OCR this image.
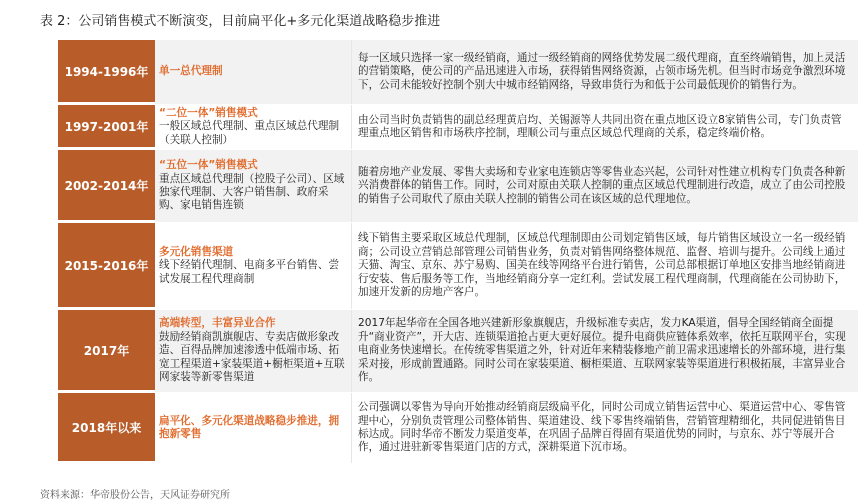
表 2：公司销售模式不断演变，目前扁平化+多元化渠道战略稳步推进
1994-1996年	单一总代理制
每一区域只选择一家一级经销商，通过一级经销商的网络优势发展二级代理商，直至终端销售，加上灵活的营销策略，使公司的产品迅速进入市场，获得销售网络资源，占领市场先机。但当时市场竞争激烈环境下，公司未能较好控制个别大中城市经销网络，导致串货行为和低于公司最低现价的销售行为。
1997-2001年
“二位一体”销售模式
一般区域总代理制、重点区域总代理制（关联人控制）
由公司当时负责销售的副总经理黄启均、关锡源等人共同出资在重点地区设立8家销售公司，专门负责管理重点地区销售和市场秩序控制，理顺公司与重点区域总代理商的关系，稳定终端价格。
2002-2014年
“五位一体”销售模式
重点区域总代理制（控股子公司）、区域独家代理制、大客户销售制、政府采购、家电销售连锁
随着房地产业发展、零售大卖场和专业家电连锁店等零售业态兴起，公司针对性建立机构专门负责各种新兴消费群体的销售工作。同时，公司对原由关联人控制的重点区域总代理制进行改造，成立了由公司控股的销售子公司取代了原由关联人控制的销售公司在该区域的总代理地位。
2015-2016年
多元化销售渠道
线下经销代理制、电商多平台销售、尝试发展工程代理商制
线下销售主要采取区域总代理制，区域总代理制即由公司划定销售区域，每片销售区域设立一名一级经销商；公司设立营销总部管理公司销售业务，负责对销售网络整体规范、监督、培训与提升。公司线上通过天猫、淘宝、京东、苏宁易购、国美在线等网络平台进行销售，公司总部根据订单地区安排当地经销商进行安装、售后服务等工作，当地经销商分享一定红利。尝试发展工程代理商制，代理商能在公司协助下，加速开发新的房地产客户。
2017年
高端转型，丰富异业合作
鼓励经销商凯旗舰店、专卖店做形象改造、百得品牌加速渗透中低端市场、拓宽工程渠道+家装渠道+橱柜渠道+互联网家装等新零售渠道
2017年起华帝在全国各地兴建新形象旗舰店，升级标准专卖店，发力KA渠道，倡导全国经销商全面提升“商业资产”，开大店、连锁渠道抢占更大更好展位。提升电商供应链体系效率，依托互联网平台，实现电商业务快速增长。在传统零售渠道之外，针对近年来精装修地产前卫需求迅速增长的外部环境，进行集采对接，形成前置通路。同时公司在家装渠道、橱柜渠道、互联网家装等渠道进行积极拓展，丰富异业合作。
2018年以来	扁平化、多元化渠道战略稳步推进，拥抱新零售
公司强调以零售为导向开始推动经销商层级扁平化，同时公司成立销售运营中心、渠道运营中心、零售管理中心，分别负责管理公司整体销售、渠道建设、线下零售终端销售，营销管理精细化，共同促进销售目标达成。同时华帝不断发力渠道变革，在巩固子品牌百得固有渠道优势的同时，与京东、苏宁等展开合作，通过进驻新零售渠道门店的方式，深耕渠道下沉市场。
资料来源：华帝股份公告，天风证券研究所
